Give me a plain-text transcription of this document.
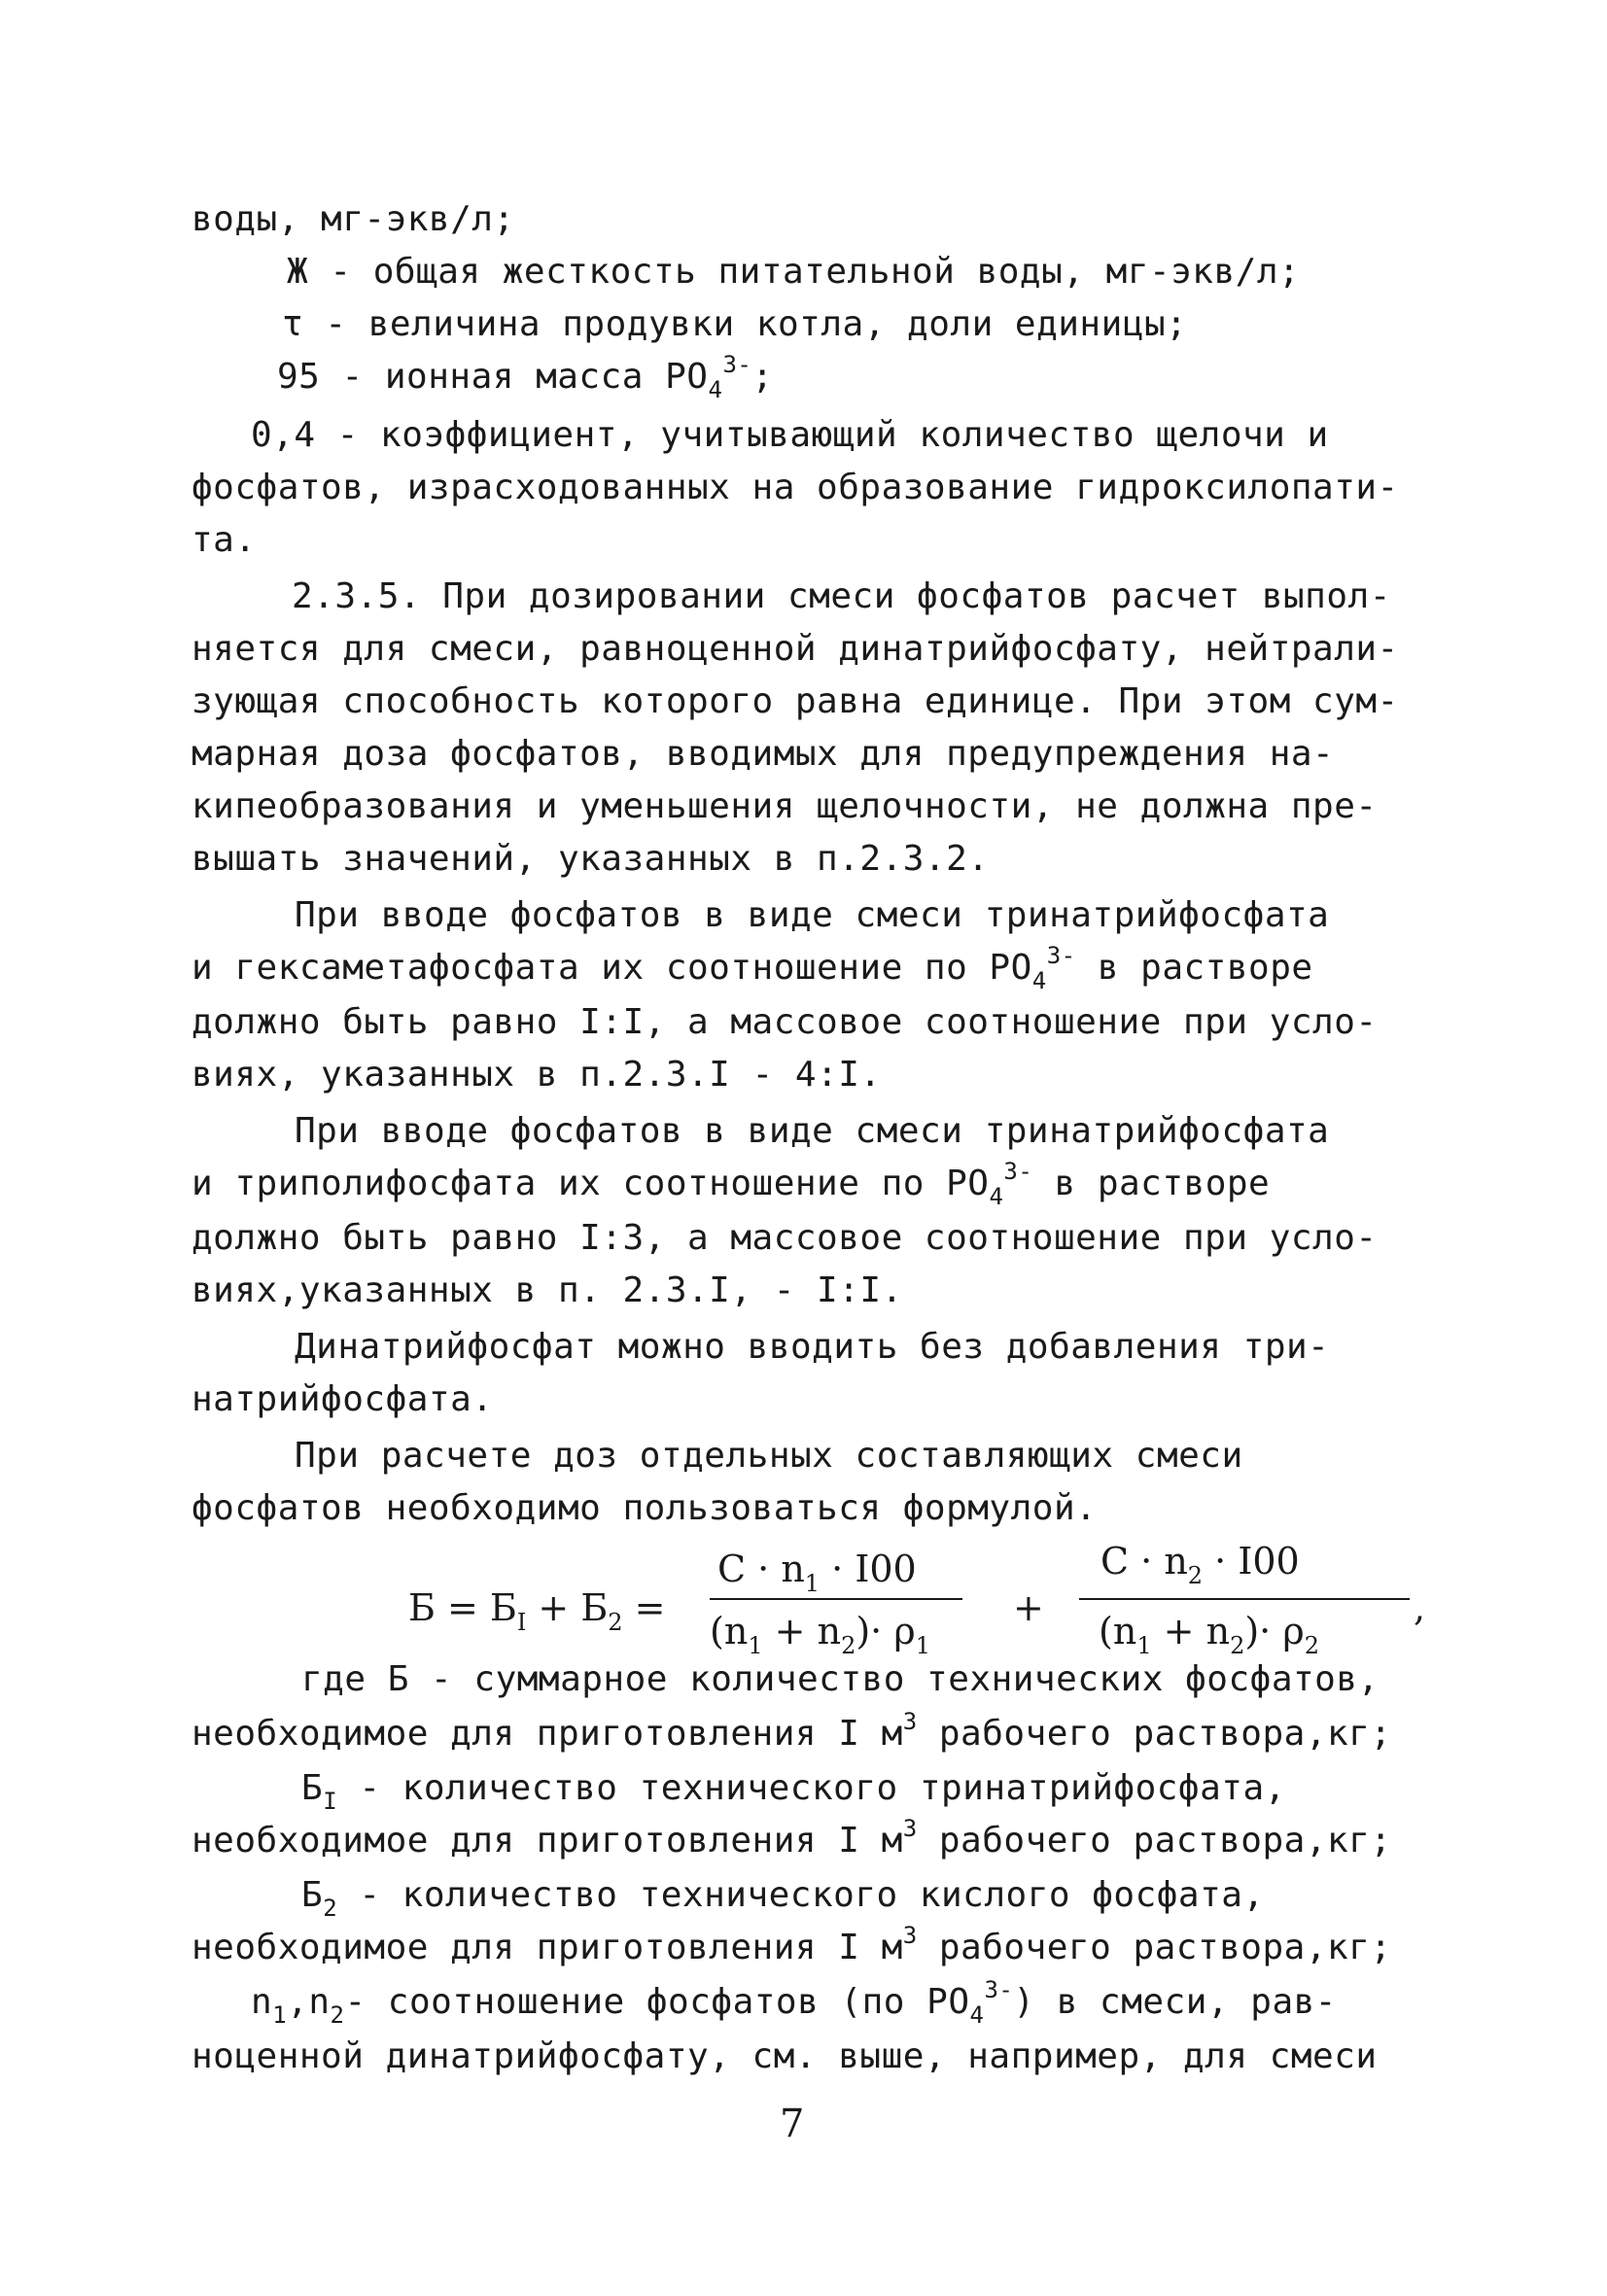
воды, мг-экв/л;
Ж - общая жесткость питательной воды, мг-экв/л;
τ - величина продувки котла, доли единицы;
95 - ионная масса $PO_4^{3-}$;
0,4 - коэффициент, учитывающий количество щелочи и
фосфатов, израсходованных на образование гидроксилопати-
та.
2.3.5. При дозировании смеси фосфатов расчет выпол-
няется для смеси, равноценной динатрийфосфату, нейтрали-
зующая способность которого равна единице. При этом сум-
марная доза фосфатов, вводимых для предупреждения на-
кипеобразования и уменьшения щелочности, не должна пре-
вышать значений, указанных в п.2.3.2.
При вводе фосфатов в виде смеси тринатрийфосфата
и гексаметафосфата их соотношение по $PO_4^{3-}$ в растворе
должно быть равно I:I, а массовое соотношение при усло-
виях, указанных в п.2.3.I - 4:I.
При вводе фосфатов в виде смеси тринатрийфосфата
и триполифосфата их соотношение по $PO_4^{3-}$ в растворе
должно быть равно I:3, а массовое соотношение при усло-
виях,указанных в п. 2.3.I, - I:I.
Динатрийфосфат можно вводить без добавления три-
натрийфосфата.
При расчете доз отдельных составляющих смеси
фосфатов необходимо пользоваться формулой.
$Б = Б_I + Б_2$ =
$C \cdot n_1 \cdot I00$
$(n_1 + n_2)\cdot \rho_1$
+
$C \cdot n_2 \cdot I00$
$(n_1 + n_2)\cdot \rho_2$
,
где Б - суммарное количество технических фосфатов,
необходимое для приготовления I $м^3$ рабочего раствора,кг;
$Б_I$ - количество технического тринатрийфосфата,
необходимое для приготовления I $м^3$ рабочего раствора,кг;
$Б_2$ - количество технического кислого фосфата,
необходимое для приготовления I $м^3$ рабочего раствора,кг;
$n_1,n_2-$ соотношение фосфатов (по $PO_4^{3-}$) в смеси, рав-
ноценной динатрийфосфату, см. выше, например, для смеси
7
